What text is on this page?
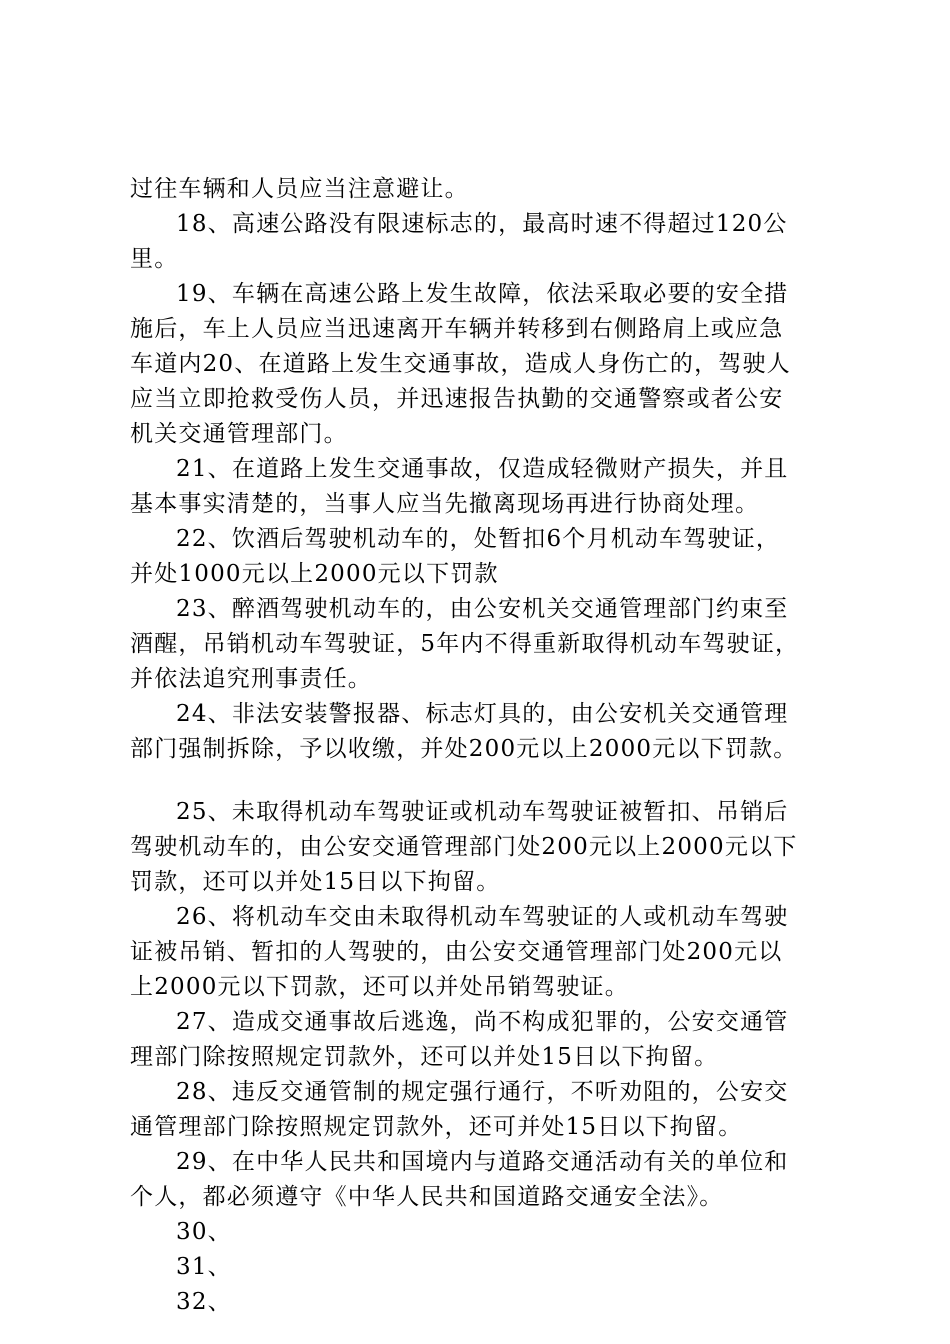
过往车辆和人员应当注意避让。
18、高速公路没有限速标志的，最高时速不得超过120公
里。
19、车辆在高速公路上发生故障，依法采取必要的安全措
施后，车上人员应当迅速离开车辆并转移到右侧路肩上或应急
车道内20、在道路上发生交通事故，造成人身伤亡的，驾驶人
应当立即抢救受伤人员，并迅速报告执勤的交通警察或者公安
机关交通管理部门。
21、在道路上发生交通事故，仅造成轻微财产损失，并且
基本事实清楚的，当事人应当先撤离现场再进行协商处理。
22、饮酒后驾驶机动车的，处暂扣6个月机动车驾驶证，
并处1000元以上2000元以下罚款
23、醉酒驾驶机动车的，由公安机关交通管理部门约束至
酒醒，吊销机动车驾驶证，5年内不得重新取得机动车驾驶证，
并依法追究刑事责任。
24、非法安装警报器、标志灯具的，由公安机关交通管理
部门强制拆除，予以收缴，并处200元以上2000元以下罚款。
25、未取得机动车驾驶证或机动车驾驶证被暂扣、吊销后
驾驶机动车的，由公安交通管理部门处200元以上2000元以下
罚款，还可以并处15日以下拘留。
26、将机动车交由未取得机动车驾驶证的人或机动车驾驶
证被吊销、暂扣的人驾驶的，由公安交通管理部门处200元以
上2000元以下罚款，还可以并处吊销驾驶证。
27、造成交通事故后逃逸，尚不构成犯罪的，公安交通管
理部门除按照规定罚款外，还可以并处15日以下拘留。
28、违反交通管制的规定强行通行，不听劝阻的，公安交
通管理部门除按照规定罚款外，还可并处15日以下拘留。
29、在中华人民共和国境内与道路交通活动有关的单位和
个人，都必须遵守《中华人民共和国道路交通安全法》。
30、
31、
32、
